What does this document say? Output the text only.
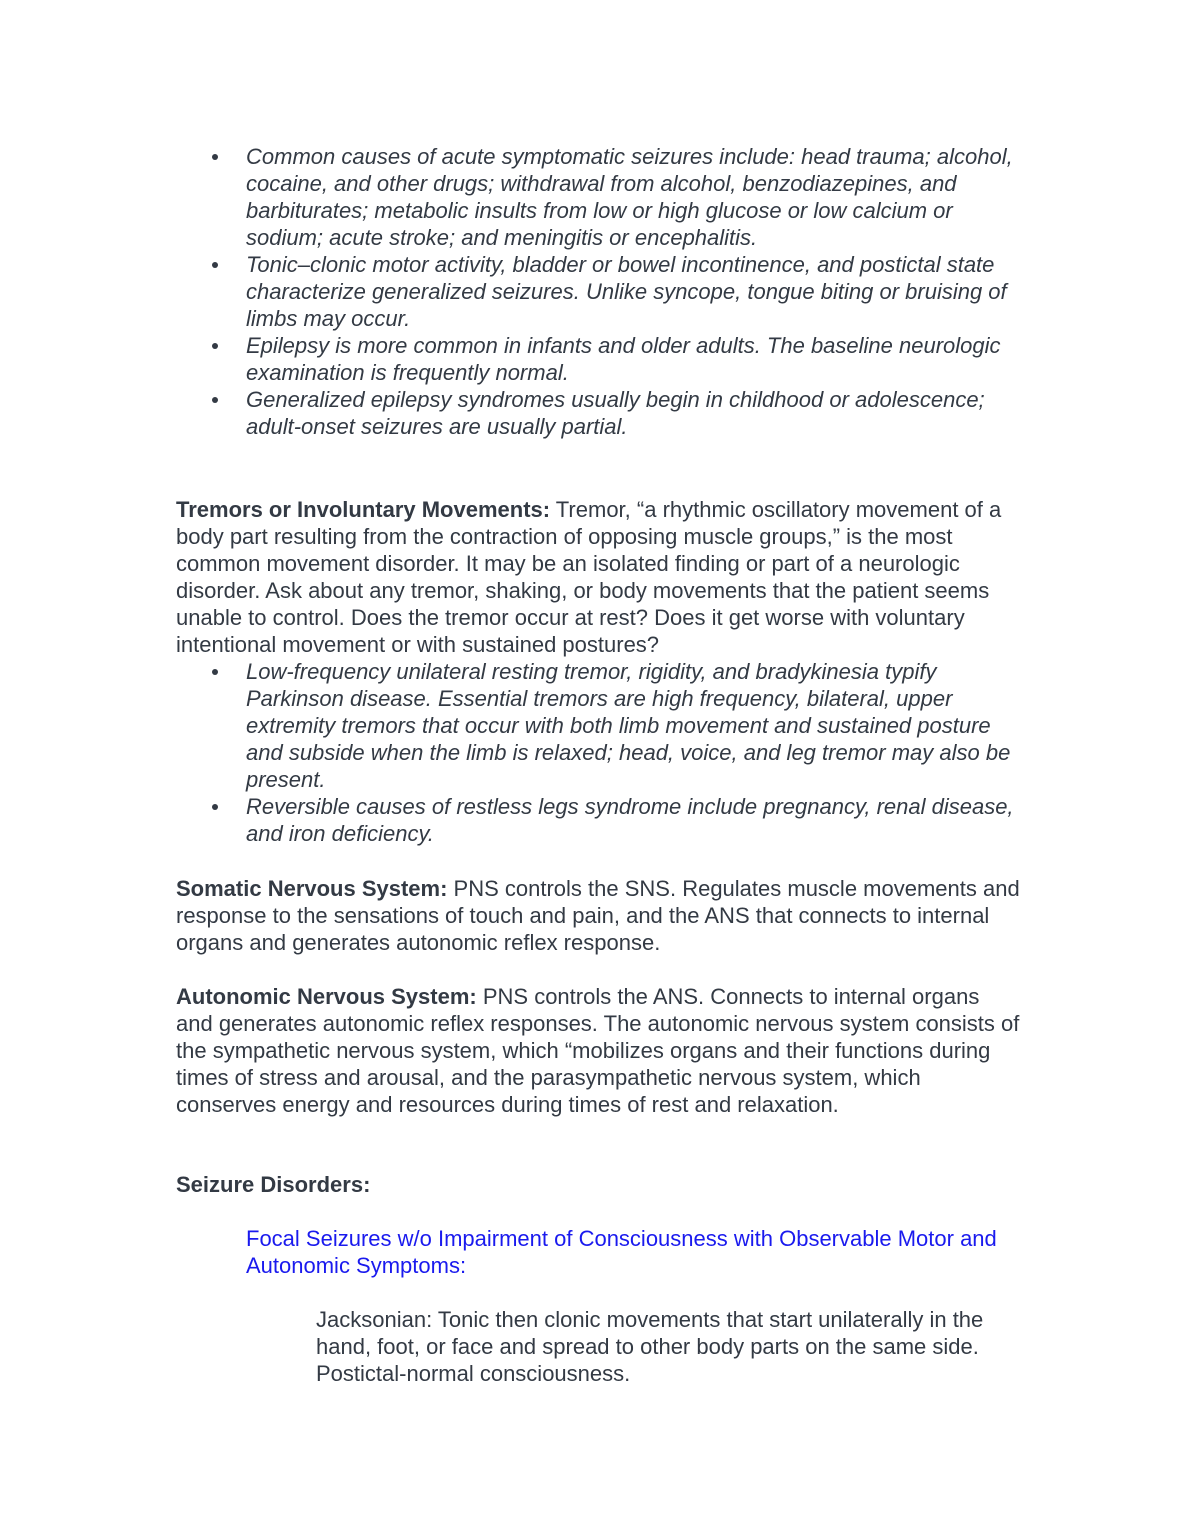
Common causes of acute symptomatic seizures include: head trauma; alcohol, cocaine, and other drugs; withdrawal from alcohol, benzodiazepines, and barbiturates; metabolic insults from low or high glucose or low calcium or sodium; acute stroke; and meningitis or encephalitis.
Tonic–clonic motor activity, bladder or bowel incontinence, and postictal state characterize generalized seizures. Unlike syncope, tongue biting or bruising of limbs may occur.
Epilepsy is more common in infants and older adults. The baseline neurologic examination is frequently normal.
Generalized epilepsy syndromes usually begin in childhood or adolescence; adult-onset seizures are usually partial.

Tremors or Involuntary Movements: Tremor, “a rhythmic oscillatory movement of a body part resulting from the contraction of opposing muscle groups,” is the most common movement disorder. It may be an isolated finding or part of a neurologic disorder. Ask about any tremor, shaking, or body movements that the patient seems unable to control. Does the tremor occur at rest? Does it get worse with voluntary intentional movement or with sustained postures?

Low-frequency unilateral resting tremor, rigidity, and bradykinesia typify Parkinson disease. Essential tremors are high frequency, bilateral, upper extremity tremors that occur with both limb movement and sustained posture and subside when the limb is relaxed; head, voice, and leg tremor may also be present.
Reversible causes of restless legs syndrome include pregnancy, renal disease, and iron deficiency.

Somatic Nervous System: PNS controls the SNS. Regulates muscle movements and response to the sensations of touch and pain, and the ANS that connects to internal organs and generates autonomic reflex response.

Autonomic Nervous System: PNS controls the ANS. Connects to internal organs and generates autonomic reflex responses. The autonomic nervous system consists of the sympathetic nervous system, which “mobilizes organs and their functions during times of stress and arousal, and the parasympathetic nervous system, which conserves energy and resources during times of rest and relaxation.

Seizure Disorders:

Focal Seizures w/o Impairment of Consciousness with Observable Motor and Autonomic Symptoms:

Jacksonian: Tonic then clonic movements that start unilaterally in the hand, foot, or face and spread to other body parts on the same side. Postictal-normal consciousness.
